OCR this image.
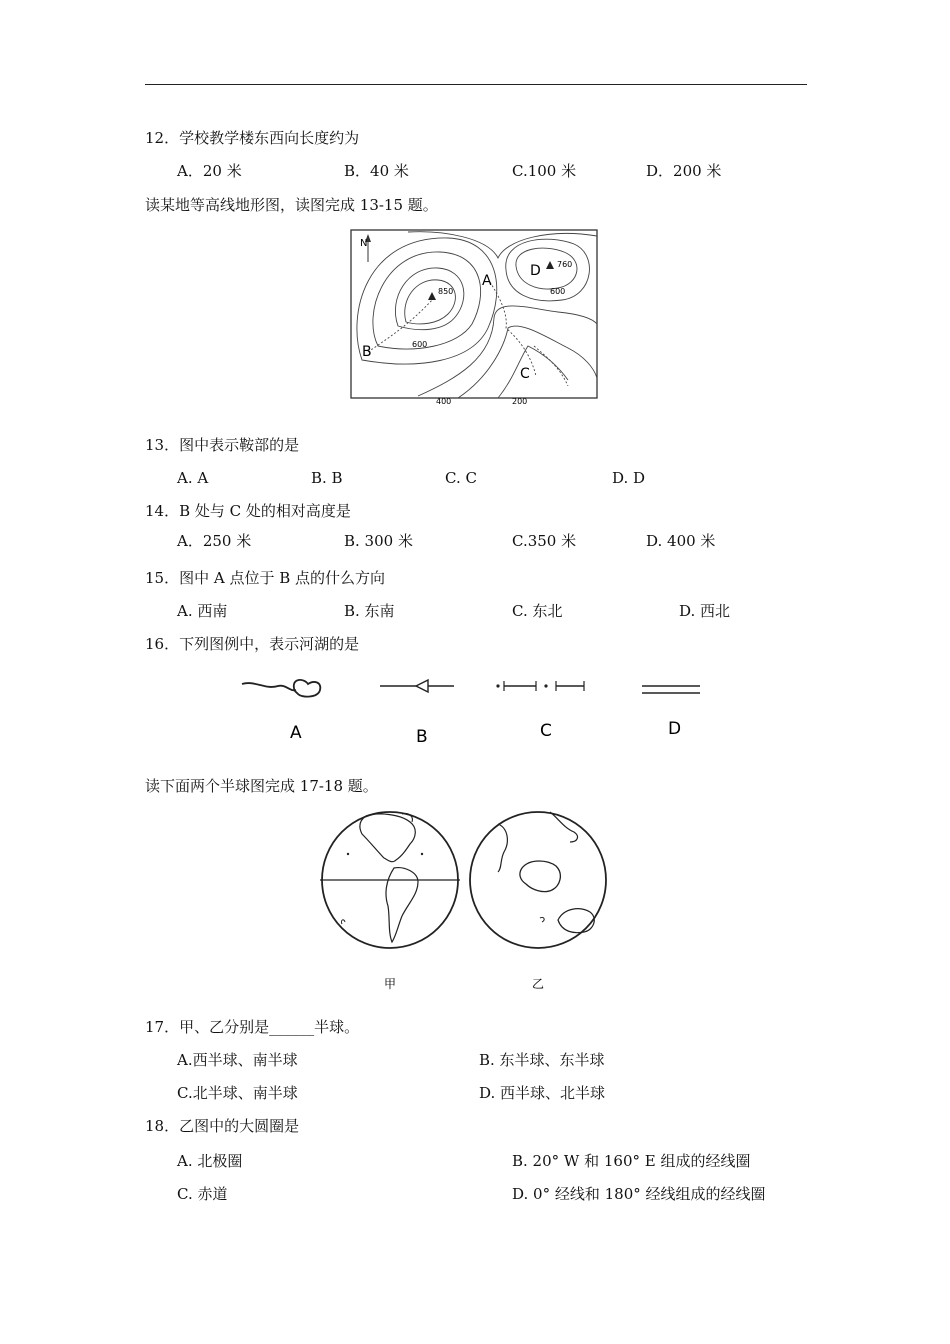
12．学校教学楼东西向长度约为
A．20 米	B．40 米	C.100 米	D．200 米
读某地等高线地形图，读图完成 13-15 题。
N
850
760
600
600
400	200
A
B
C
D
13．图中表示鞍部的是
A. A	B. B	C. C	D. D
14．B 处与 C 处的相对高度是
A．250 米	B. 300 米	C.350 米	D. 400 米
15．图中 A 点位于 B 点的什么方向
A. 西南	B. 东南	C. 东北	D. 西北
16．下列图例中，表示河湖的是
A	B	C	D
读下面两个半球图完成 17-18 题。
甲	乙
17．甲、乙分别是______半球。
A.西半球、南半球	B. 东半球、东半球
C.北半球、南半球	D. 西半球、北半球
18．乙图中的大圆圈是
A. 北极圈	B. 20° W 和 160° E 组成的经线圈
C. 赤道	D. 0° 经线和 180° 经线组成的经线圈
